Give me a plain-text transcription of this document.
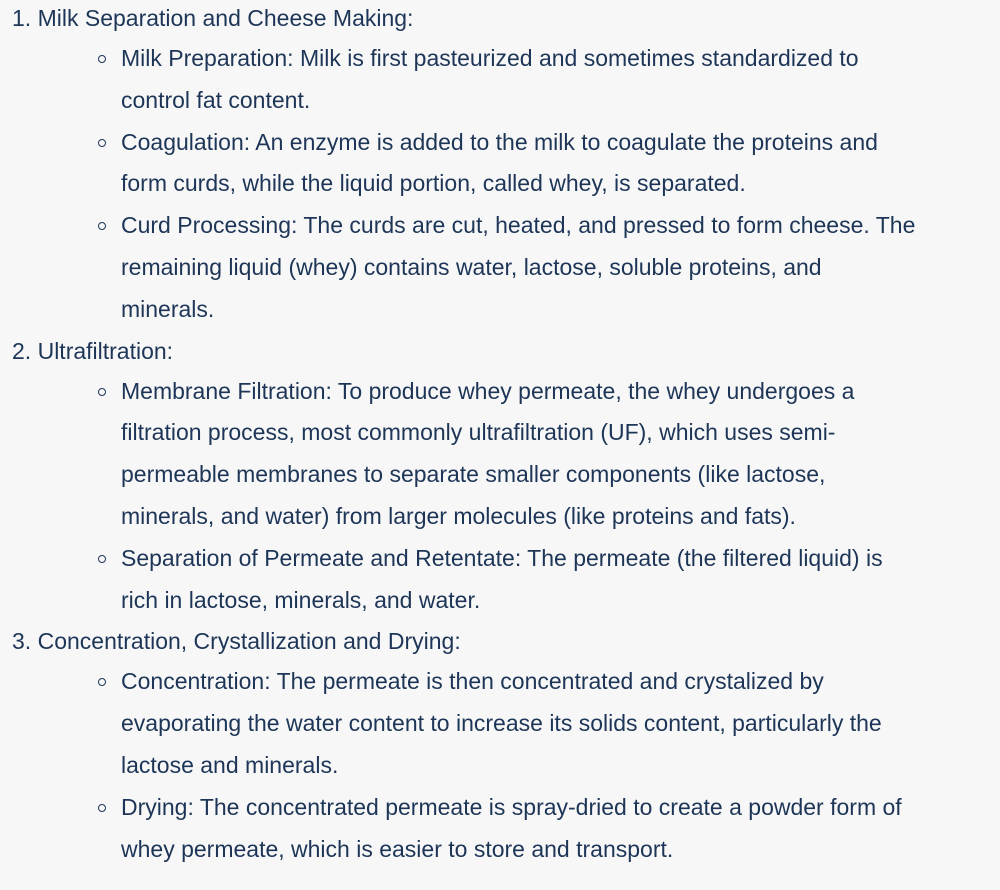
1. Milk Separation and Cheese Making:
Milk Preparation: Milk is first pasteurized and sometimes standardized to control fat content.
Coagulation: An enzyme is added to the milk to coagulate the proteins and form curds, while the liquid portion, called whey, is separated.
Curd Processing: The curds are cut, heated, and pressed to form cheese. The remaining liquid (whey) contains water, lactose, soluble proteins, and minerals.
2. Ultrafiltration:
Membrane Filtration: To produce whey permeate, the whey undergoes a filtration process, most commonly ultrafiltration (UF), which uses semi-permeable membranes to separate smaller components (like lactose, minerals, and water) from larger molecules (like proteins and fats).
Separation of Permeate and Retentate: The permeate (the filtered liquid) is rich in lactose, minerals, and water.
3. Concentration, Crystallization and Drying:
Concentration: The permeate is then concentrated and crystalized by evaporating the water content to increase its solids content, particularly the lactose and minerals.
Drying: The concentrated permeate is spray-dried to create a powder form of whey permeate, which is easier to store and transport.
